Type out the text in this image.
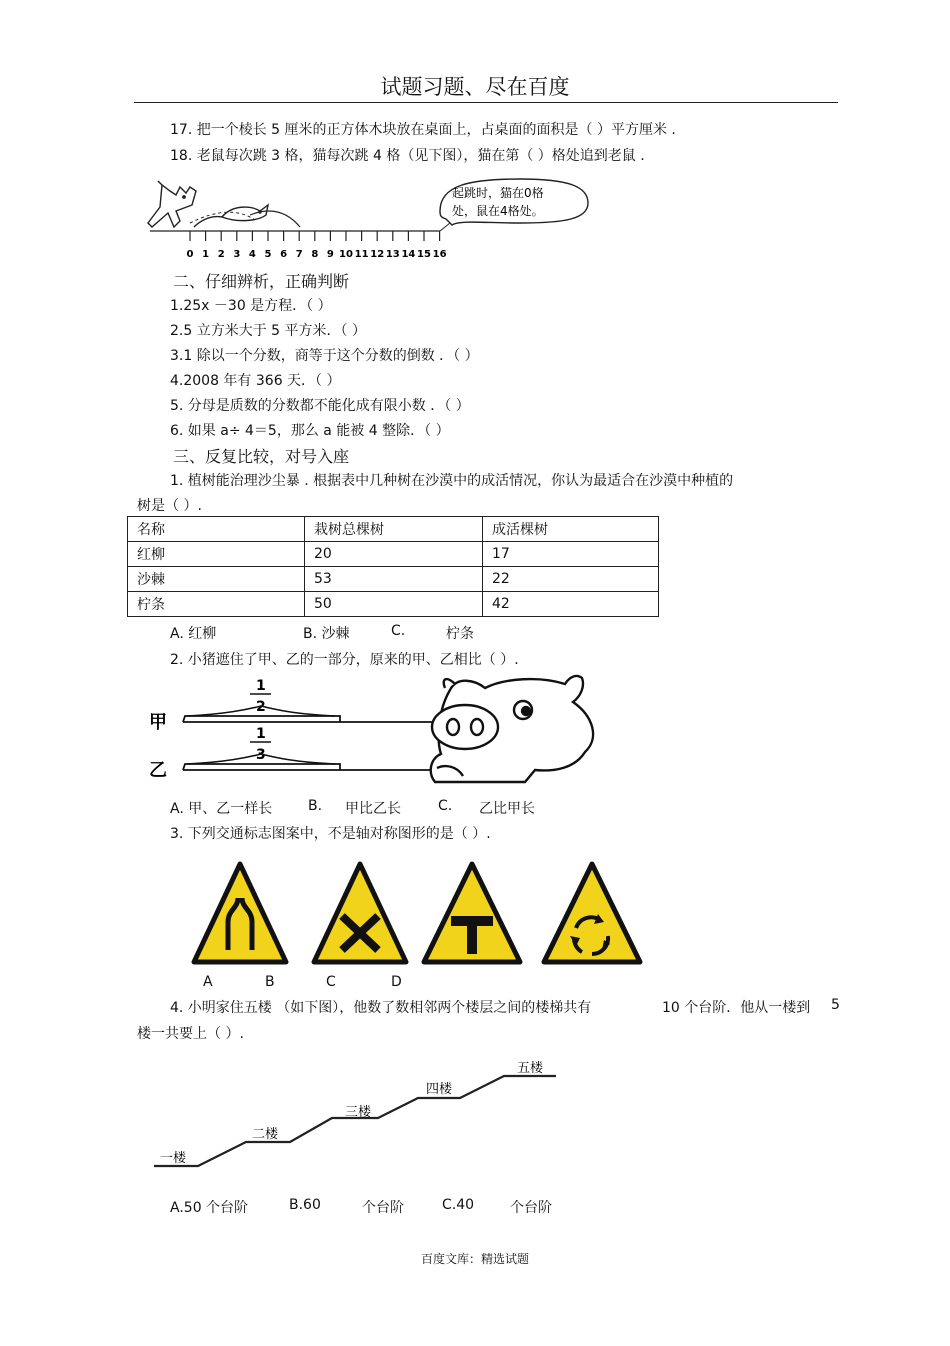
试题习题、尽在百度
17. 把一个棱长 5 厘米的正方体木块放在桌面上，占桌面的面积是（ ）平方厘米 .
18. 老鼠每次跳 3 格，猫每次跳 4 格（见下图），猫在第（ ）格处追到老鼠 .
0 1 2 3 4 5 6 7 8 9 10 11 12 13 14 15 16
起跳时，猫在0格
处，鼠在4格处。
二、仔细辨析，正确判断
1.25x －30 是方程．（ ）
2.5 立方米大于 5 平方米．（ ）
3.1 除以一个分数，商等于这个分数的倒数 ．（ ）
4.2008 年有 366 天．（ ）
5. 分母是质数的分数都不能化成有限小数 ．（ ）
6. 如果 a÷ 4＝5，那么 a 能被 4 整除．（ ）
三、反复比较，对号入座
1. 植树能治理沙尘暴 . 根据表中几种树在沙漠中的成活情况，你认为最适合在沙漠中种植的
树是（ ）.
名称	栽树总棵树	成活棵树
红柳	20	17
沙棘	53	22
柠条	50	42
A. 红柳	B. 沙棘	C.	柠条
2. 小猪遮住了甲、乙的一部分，原来的甲、乙相比（ ）.
甲
乙
1
2
1
3
A. 甲、乙一样长	B. 甲比乙长	C. 乙比甲长
3. 下列交通标志图案中，不是轴对称图形的是（ ）.
A	B	C	D
4. 小明家住五楼 （如下图），他数了数相邻两个楼层之间的楼梯共有	10 个台阶．他从一楼到 5
楼一共要上（ ）.
一楼
二楼
三楼
四楼
五楼
A.50 个台阶	B.60	个台阶	C.40	个台阶
百度文库：精选试题
